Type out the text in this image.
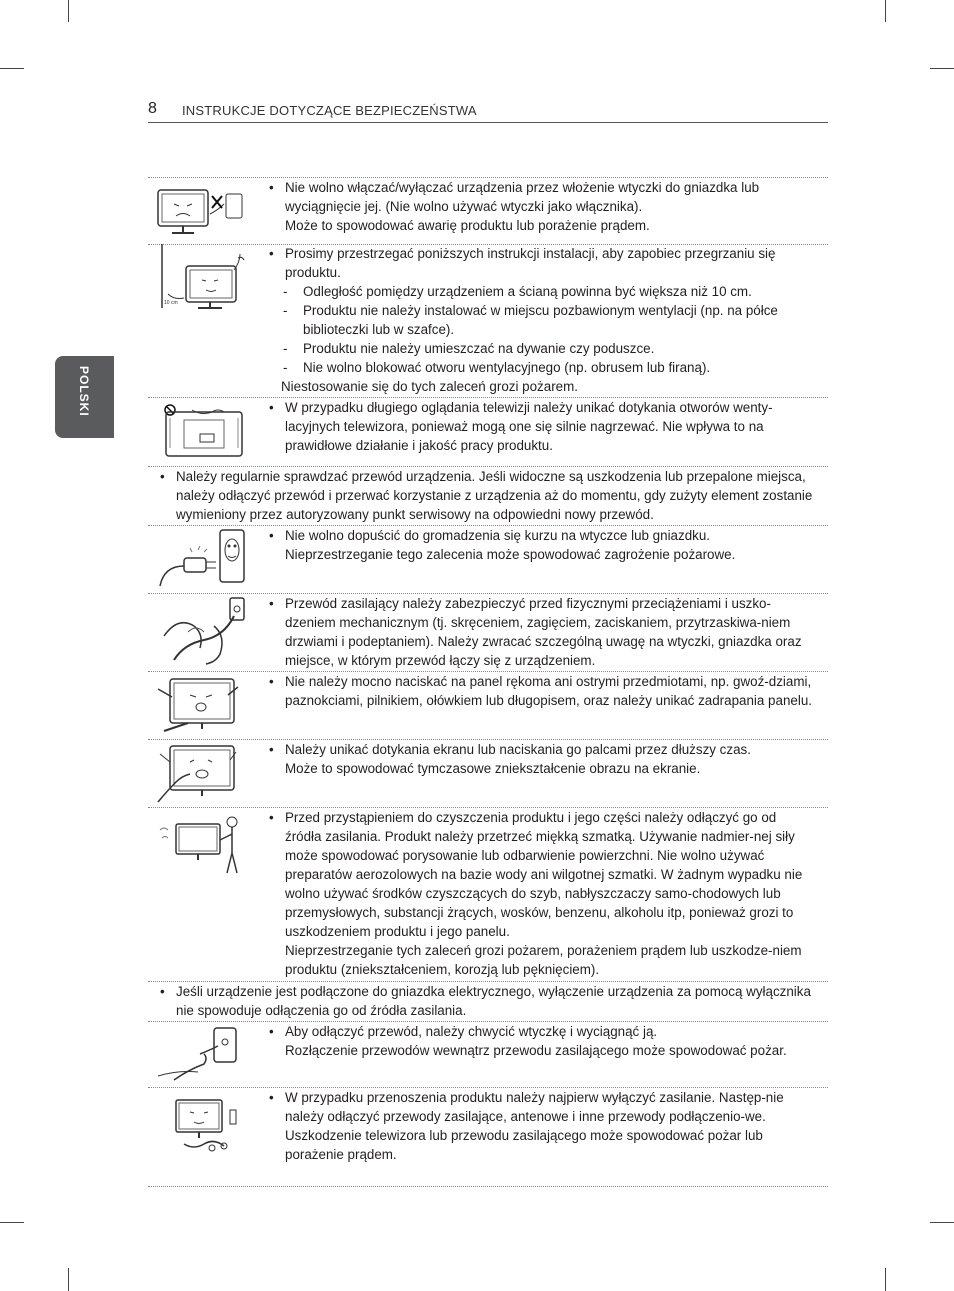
8 INSTRUKCJE DOTYCZĄCE BEZPIECZEŃSTWA
POLSKI

• Nie wolno włączać/wyłączać urządzenia przez włożenie wtyczki do gniazdka lub wyciągnięcie jej. (Nie wolno używać wtyczki jako włącznika).

Może to spowodować awarię produktu lub porażenie prądem.

10 cm

• Prosimy przestrzegać poniższych instrukcji instalacji, aby zapobiec przegrzaniu się produktu.

- Odległość pomiędzy urządzeniem a ścianą powinna być większa niż 10 cm.

- Produktu nie należy instalować w miejscu pozbawionym wentylacji (np. na półce biblioteczki lub w szafce).

- Produktu nie należy umieszczać na dywanie czy poduszce.

- Nie wolno blokować otworu wentylacyjnego (np. obrusem lub firaną).

Niestosowanie się do tych zaleceń grozi pożarem.

• W przypadku długiego oglądania telewizji należy unikać dotykania otworów wenty-lacyjnych telewizora, ponieważ mogą one się silnie nagrzewać. Nie wpływa to na prawidłowe działanie i jakość pracy produktu.

• Należy regularnie sprawdzać przewód urządzenia. Jeśli widoczne są uszkodzenia lub przepalone miejsca, należy odłączyć przewód i przerwać korzystanie z urządzenia aż do momentu, gdy zużyty element zostanie wymieniony przez autoryzowany punkt serwisowy na odpowiedni nowy przewód.

• Nie wolno dopuścić do gromadzenia się kurzu na wtyczce lub gniazdku.

Nieprzestrzeganie tego zalecenia może spowodować zagrożenie pożarowe.

• Przewód zasilający należy zabezpieczyć przed fizycznymi przeciążeniami i uszko-dzeniem mechanicznym (tj. skręceniem, zagięciem, zaciskaniem, przytrzaskiwa-niem drzwiami i podeptaniem). Należy zwracać szczególną uwagę na wtyczki, gniazdka oraz miejsce, w którym przewód łączy się z urządzeniem.

• Nie należy mocno naciskać na panel rękoma ani ostrymi przedmiotami, np. gwoź-dziami, paznokciami, pilnikiem, ołówkiem lub długopisem, oraz należy unikać zadrapania panelu.

• Należy unikać dotykania ekranu lub naciskania go palcami przez dłuższy czas.

Może to spowodować tymczasowe zniekształcenie obrazu na ekranie.

• Przed przystąpieniem do czyszczenia produktu i jego części należy odłączyć go od źródła zasilania. Produkt należy przetrzeć miękką szmatką. Używanie nadmier-nej siły może spowodować porysowanie lub odbarwienie powierzchni. Nie wolno używać preparatów aerozolowych na bazie wody ani wilgotnej szmatki. W żadnym wypadku nie wolno używać środków czyszczących do szyb, nabłyszczaczy samo-chodowych lub przemysłowych, substancji żrących, wosków, benzenu, alkoholu itp, ponieważ grozi to uszkodzeniem produktu i jego panelu.

Nieprzestrzeganie tych zaleceń grozi pożarem, porażeniem prądem lub uszkodze-niem produktu (zniekształceniem, korozją lub pęknięciem).

• Jeśli urządzenie jest podłączone do gniazdka elektrycznego, wyłączenie urządzenia za pomocą wyłącznika nie spowoduje odłączenia go od źródła zasilania.

• Aby odłączyć przewód, należy chwycić wtyczkę i wyciągnąć ją.

Rozłączenie przewodów wewnątrz przewodu zasilającego może spowodować pożar.

• W przypadku przenoszenia produktu należy najpierw wyłączyć zasilanie. Następ-nie należy odłączyć przewody zasilające, antenowe i inne przewody podłączenio-we.

Uszkodzenie telewizora lub przewodu zasilającego może spowodować pożar lub porażenie prądem.
